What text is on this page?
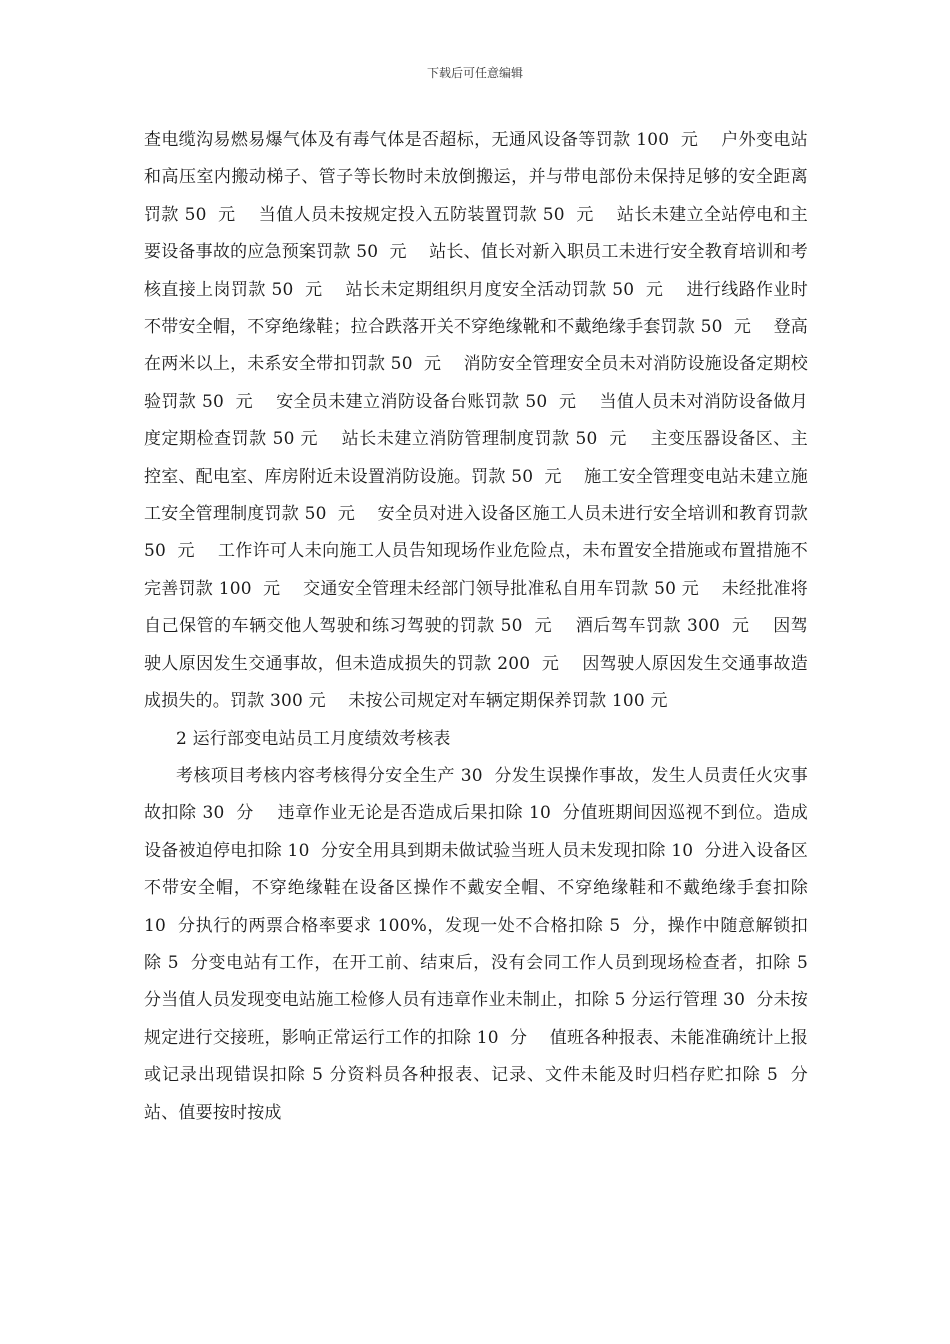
下载后可任意编辑

查电缆沟易燃易爆气体及有毒气体是否超标，无通风设备等罚款 100  元    户外变电站和高压室内搬动梯子、管子等长物时未放倒搬运，并与带电部份未保持足够的安全距离罚款 50  元    当值人员未按规定投入五防装置罚款 50  元    站长未建立全站停电和主要设备事故的应急预案罚款 50  元    站长、值长对新入职员工未进行安全教育培训和考核直接上岗罚款 50  元    站长未定期组织月度安全活动罚款 50  元    进行线路作业时不带安全帽，不穿绝缘鞋；拉合跌落开关不穿绝缘靴和不戴绝缘手套罚款 50  元    登高在两米以上，未系安全带扣罚款 50  元    消防安全管理安全员未对消防设施设备定期校验罚款 50  元    安全员未建立消防设备台账罚款 50  元    当值人员未对消防设备做月度定期检查罚款 50 元    站长未建立消防管理制度罚款 50  元    主变压器设备区、主控室、配电室、库房附近未设置消防设施。罚款 50  元    施工安全管理变电站未建立施工安全管理制度罚款 50  元    安全员对进入设备区施工人员未进行安全培训和教育罚款 50  元    工作许可人未向施工人员告知现场作业危险点，未布置安全措施或布置措施不完善罚款 100  元    交通安全管理未经部门领导批准私自用车罚款 50 元    未经批准将自己保管的车辆交他人驾驶和练习驾驶的罚款 50  元    酒后驾车罚款 300  元    因驾驶人原因发生交通事故，但未造成损失的罚款 200  元    因驾驶人原因发生交通事故造成损失的。罚款 300 元    未按公司规定对车辆定期保养罚款 100 元

2 运行部变电站员工月度绩效考核表

考核项目考核内容考核得分安全生产 30  分发生误操作事故，发生人员责任火灾事故扣除 30  分    违章作业无论是否造成后果扣除 10  分值班期间因巡视不到位。造成设备被迫停电扣除 10  分安全用具到期未做试验当班人员未发现扣除 10  分进入设备区不带安全帽，不穿绝缘鞋在设备区操作不戴安全帽、不穿绝缘鞋和不戴绝缘手套扣除 10  分执行的两票合格率要求 100%，发现一处不合格扣除 5  分，操作中随意解锁扣除 5  分变电站有工作，在开工前、结束后，没有会同工作人员到现场检查者，扣除 5 分当值人员发现变电站施工检修人员有违章作业未制止，扣除 5 分运行管理 30  分未按规定进行交接班，影响正常运行工作的扣除 10  分    值班各种报表、未能准确统计上报或记录出现错误扣除 5 分资料员各种报表、记录、文件未能及时归档存贮扣除 5  分站、值要按时按成
